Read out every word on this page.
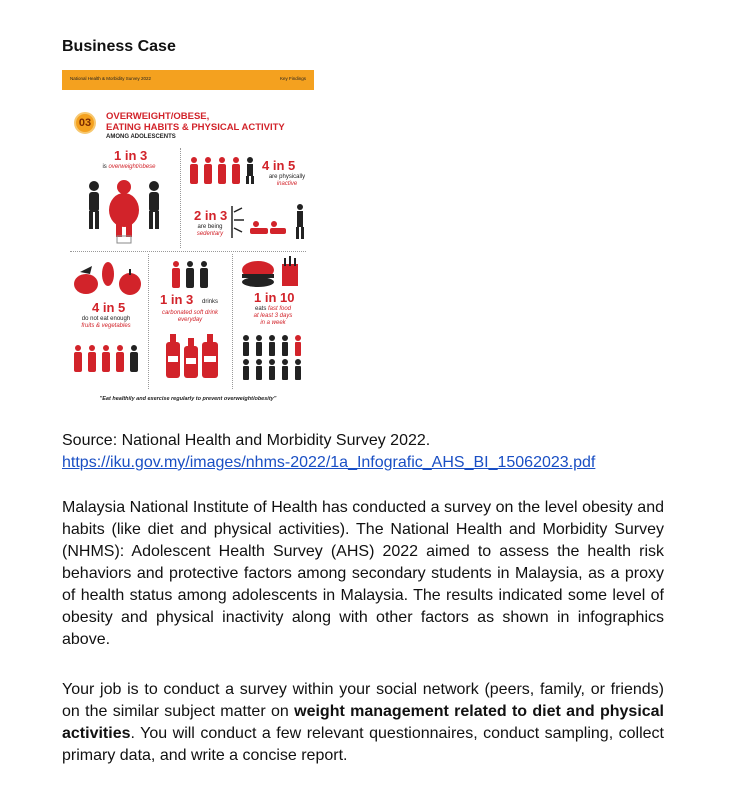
Business Case
National Health & Morbidity Survey 2022	Key Findings
03
OVERWEIGHT/OBESE,
EATING HABITS & PHYSICAL ACTIVITY
AMONG ADOLESCENTS
1 in 3
is overweight/obese	4 in 5
are physically
inactive
2 in 3
are being
sedentary
4 in 5
do not eat enough
fruits & vegetables
1 in 3 drinks
carbonated soft drink
everyday
1 in 10
eats fast food
at least 3 days
in a week
"Eat healthily and exercise regularly to prevent overweight/obesity"
Source: National Health and Morbidity Survey 2022.
https://iku.gov.my/images/nhms-2022/1a_Infografic_AHS_BI_15062023.pdf
Malaysia National Institute of Health has conducted a survey on the level obesity and habits (like diet and physical activities). The National Health and Morbidity Survey (NHMS): Adolescent Health Survey (AHS) 2022 aimed to assess the health risk behaviors and protective factors among secondary students in Malaysia, as a proxy of health status among adolescents in Malaysia. The results indicated some level of obesity and physical inactivity along with other factors as shown in infographics above.
Your job is to conduct a survey within your social network (peers, family, or friends) on the similar subject matter on weight management related to diet and physical activities. You will conduct a few relevant questionnaires, conduct sampling, collect primary data, and write a concise report.
